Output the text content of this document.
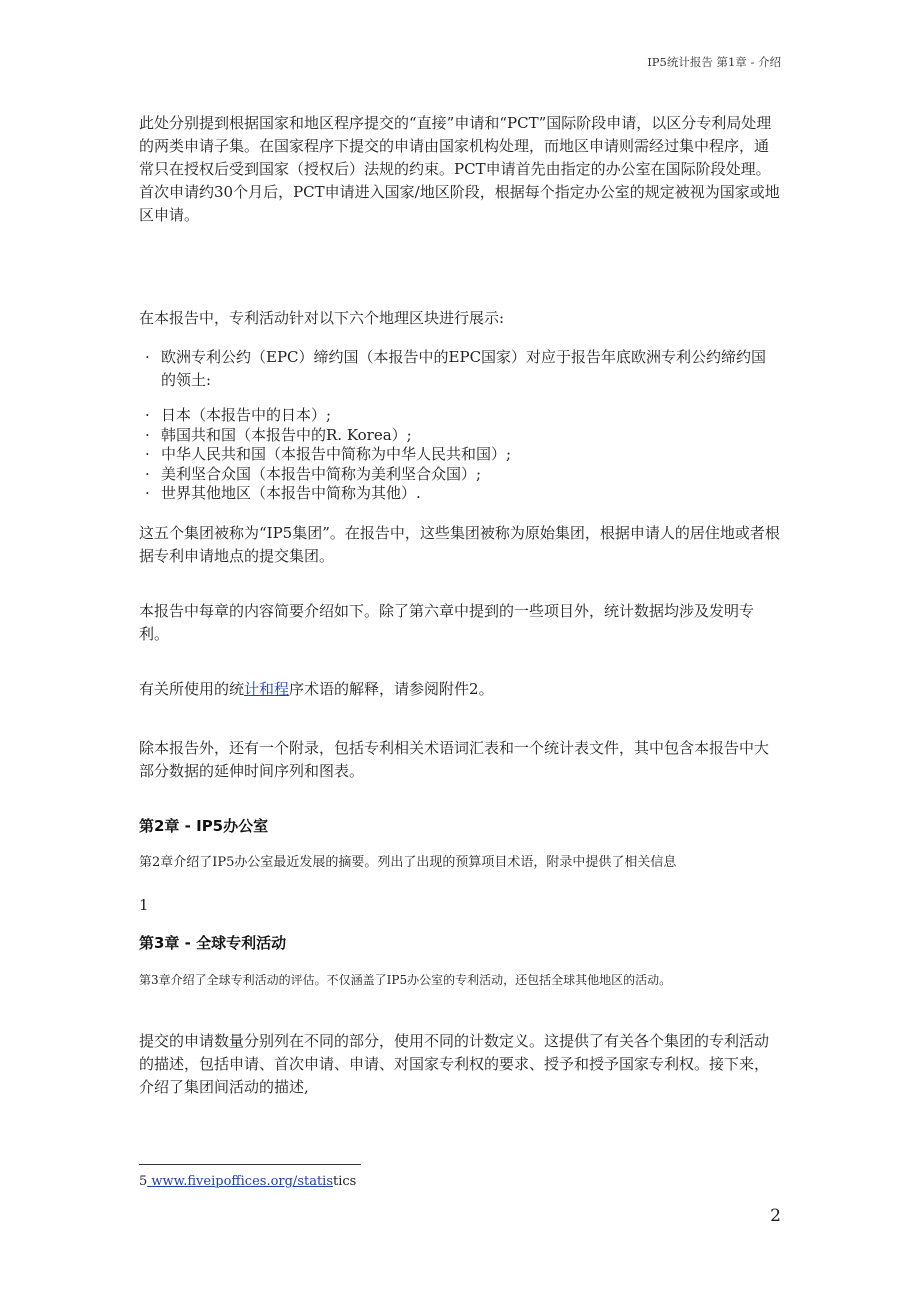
IP5统计报告 第1章 - 介绍

此处分别提到根据国家和地区程序提交的“直接”申请和“PCT”国际阶段申请，以区分专利局处理的两类申请子集。在国家程序下提交的申请由国家机构处理，而地区申请则需经过集中程序，通常只在授权后受到国家（授权后）法规的约束。PCT申请首先由指定的办公室在国际阶段处理。首次申请约30个月后，PCT申请进入国家/地区阶段，根据每个指定办公室的规定被视为国家或地区申请。

在本报告中，专利活动针对以下六个地理区块进行展示:

· 欧洲专利公约（EPC）缔约国（本报告中的EPC国家）对应于报告年底欧洲专利公约缔约国的领土:
· 日本（本报告中的日本）;
· 韩国共和国（本报告中的R. Korea）;
· 中华人民共和国（本报告中简称为中华人民共和国）;
· 美利坚合众国（本报告中简称为美利坚合众国）;
· 世界其他地区（本报告中简称为其他）.

这五个集团被称为“IP5集团”。在报告中，这些集团被称为原始集团，根据申请人的居住地或者根据专利申请地点的提交集团。

本报告中每章的内容简要介绍如下。除了第六章中提到的一些项目外，统计数据均涉及发明专利。

有关所使用的统计和程序术语的解释，请参阅附件2。

除本报告外，还有一个附录，包括专利相关术语词汇表和一个统计表文件，其中包含本报告中大部分数据的延伸时间序列和图表。

第2章 - IP5办公室

第2章介绍了IP5办公室最近发展的摘要。列出了出现的预算项目术语，附录中提供了相关信息

1

第3章 - 全球专利活动

第3章介绍了全球专利活动的评估。不仅涵盖了IP5办公室的专利活动，还包括全球其他地区的活动。

提交的申请数量分别列在不同的部分，使用不同的计数定义。这提供了有关各个集团的专利活动的描述，包括申请、首次申请、申请、对国家专利权的要求、授予和授予国家专利权。接下来，介绍了集团间活动的描述,

5 www.fiveipoffices.org/statistics
2
